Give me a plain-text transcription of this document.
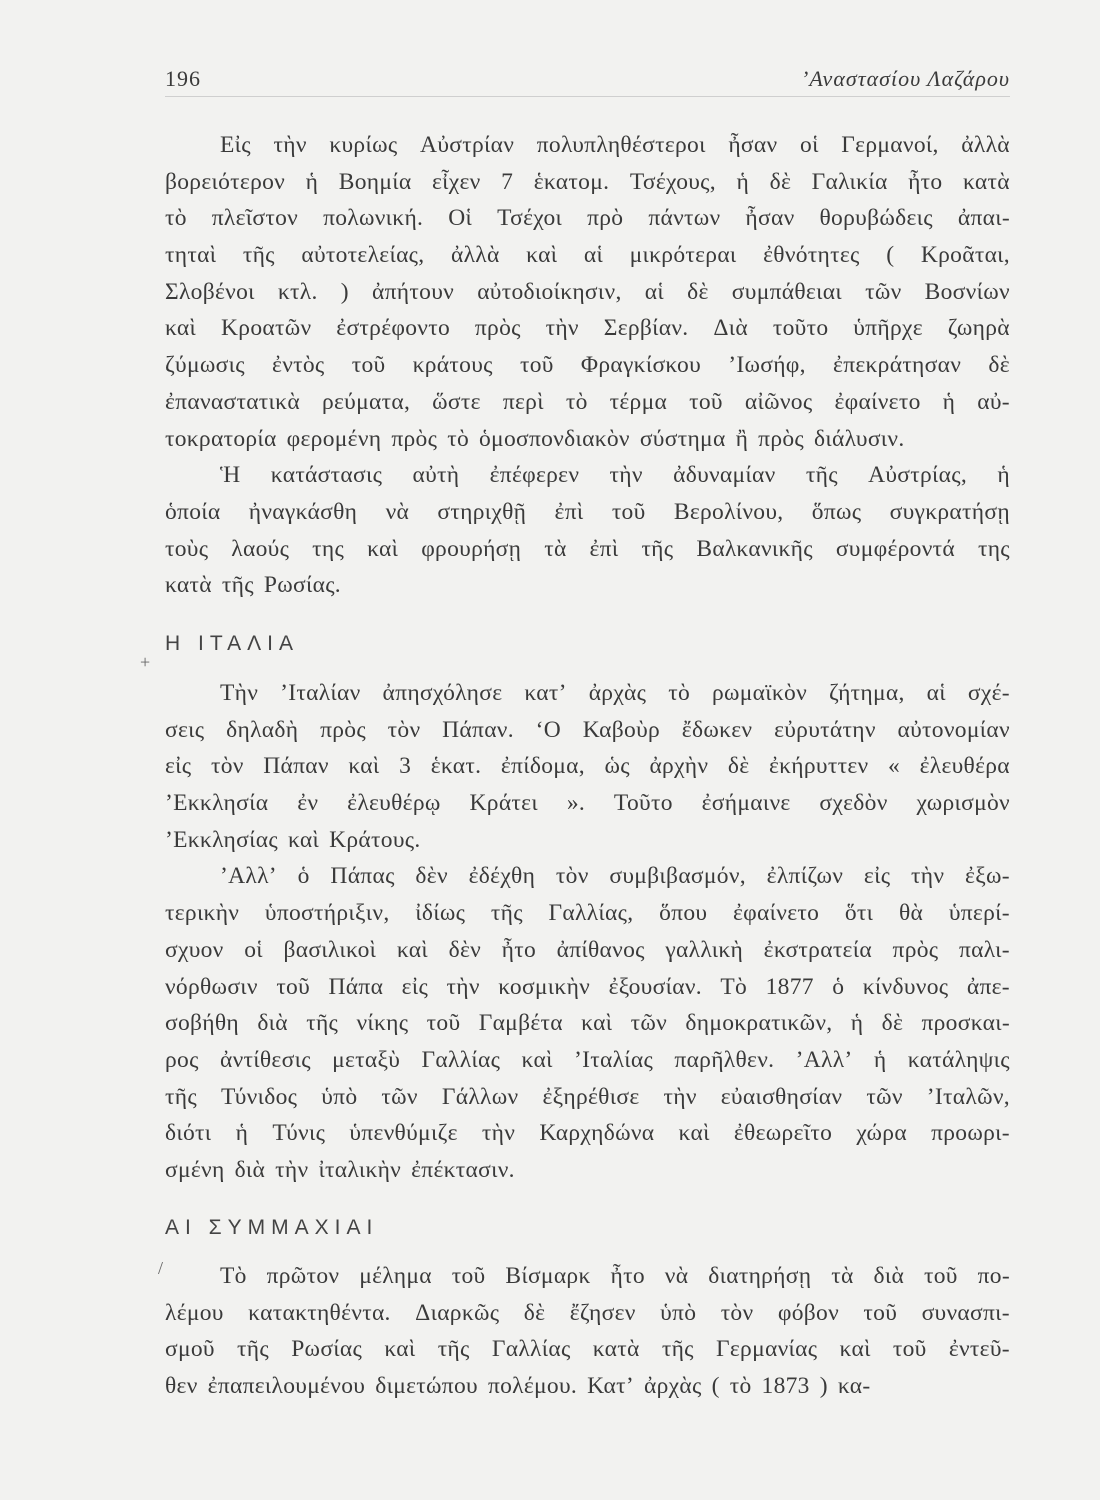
196	’Αναστασίου Λαζάρου
Εἰς τὴν κυρίως Αὐστρίαν πολυπληθέστεροι ἦσαν οἱ Γερμανοί, ἀλλὰ
βορειότερον ἡ Βοημία εἶχεν 7 ἑκατομ. Τσέχους, ἡ δὲ Γαλικία ἦτο κατὰ
τὸ πλεῖστον πολωνική. Οἱ Τσέχοι πρὸ πάντων ἦσαν θορυβώδεις ἀπαι-
τηταὶ τῆς αὐτοτελείας, ἀλλὰ καὶ αἱ μικρότεραι ἐθνότητες ( Κροᾶται,
Σλοβένοι κτλ. ) ἀπήτουν αὐτοδιοίκησιν, αἱ δὲ συμπάθειαι τῶν Βοσνίων
καὶ Κροατῶν ἐστρέφοντο πρὸς τὴν Σερβίαν. Διὰ τοῦτο ὑπῆρχε ζωηρὰ
ζύμωσις ἐντὸς τοῦ κράτους τοῦ Φραγκίσκου ’Ιωσήφ, ἐπεκράτησαν δὲ
ἐπαναστατικὰ ρεύματα, ὥστε περὶ τὸ τέρμα τοῦ αἰῶνος ἐφαίνετο ἡ αὐ-
τοκρατορία φερομένη πρὸς τὸ ὁμοσπονδιακὸν σύστημα ἢ πρὸς διάλυσιν.
Ἡ κατάστασις αὐτὴ ἐπέφερεν τὴν ἀδυναμίαν τῆς Αὐστρίας, ἡ
ὁποία ἠναγκάσθη νὰ στηριχθῇ ἐπὶ τοῦ Βερολίνου, ὅπως συγκρατήσῃ
τοὺς λαούς της καὶ φρουρήσῃ τὰ ἐπὶ τῆς Βαλκανικῆς συμφέροντά της
κατὰ τῆς Ρωσίας.
Η ΙΤΑΛΙΑ
+
Τὴν ’Ιταλίαν ἀπησχόλησε κατ’ ἀρχὰς τὸ ρωμαϊκὸν ζήτημα, αἱ σχέ-
σεις δηλαδὴ πρὸς τὸν Πάπαν. ‘Ο Καβοὺρ ἔδωκεν εὐρυτάτην αὐτονομίαν
εἰς τὸν Πάπαν καὶ 3 ἑκατ. ἐπίδομα, ὡς ἀρχὴν δὲ ἐκήρυττεν « ἐλευθέρα
’Εκκλησία ἐν ἐλευθέρῳ Κράτει ». Τοῦτο ἐσήμαινε σχεδὸν χωρισμὸν
’Εκκλησίας καὶ Κράτους.
’Αλλ’ ὁ Πάπας δὲν ἐδέχθη τὸν συμβιβασμόν, ἐλπίζων εἰς τὴν ἐξω-
τερικὴν ὑποστήριξιν, ἰδίως τῆς Γαλλίας, ὅπου ἐφαίνετο ὅτι θὰ ὑπερί-
σχυον οἱ βασιλικοὶ καὶ δὲν ἦτο ἀπίθανος γαλλικὴ ἐκστρατεία πρὸς παλι-
νόρθωσιν τοῦ Πάπα εἰς τὴν κοσμικὴν ἐξουσίαν. Τὸ 1877 ὁ κίνδυνος ἀπε-
σοβήθη διὰ τῆς νίκης τοῦ Γαμβέτα καὶ τῶν δημοκρατικῶν, ἡ δὲ προσκαι-
ρος ἀντίθεσις μεταξὺ Γαλλίας καὶ ’Ιταλίας παρῆλθεν. ’Αλλ’ ἡ κατάληψις
τῆς Τύνιδος ὑπὸ τῶν Γάλλων ἐξηρέθισε τὴν εὐαισθησίαν τῶν ’Ιταλῶν,
διότι ἡ Τύνις ὑπενθύμιζε τὴν Καρχηδώνα καὶ ἐθεωρεῖτο χώρα προωρι-
σμένη διὰ τὴν ἰταλικὴν ἐπέκτασιν.
ΑΙ ΣΥΜΜΑΧΙΑΙ
/ Τὸ πρῶτον μέλημα τοῦ Βίσμαρκ ἦτο νὰ διατηρήσῃ τὰ διὰ τοῦ πο-
λέμου κατακτηθέντα. Διαρκῶς δὲ ἔζησεν ὑπὸ τὸν φόβον τοῦ συνασπι-
σμοῦ τῆς Ρωσίας καὶ τῆς Γαλλίας κατὰ τῆς Γερμανίας καὶ τοῦ ἐντεῦ-
θεν ἐπαπειλουμένου διμετώπου πολέμου. Κατ’ ἀρχὰς ( τὸ 1873 ) κα-
